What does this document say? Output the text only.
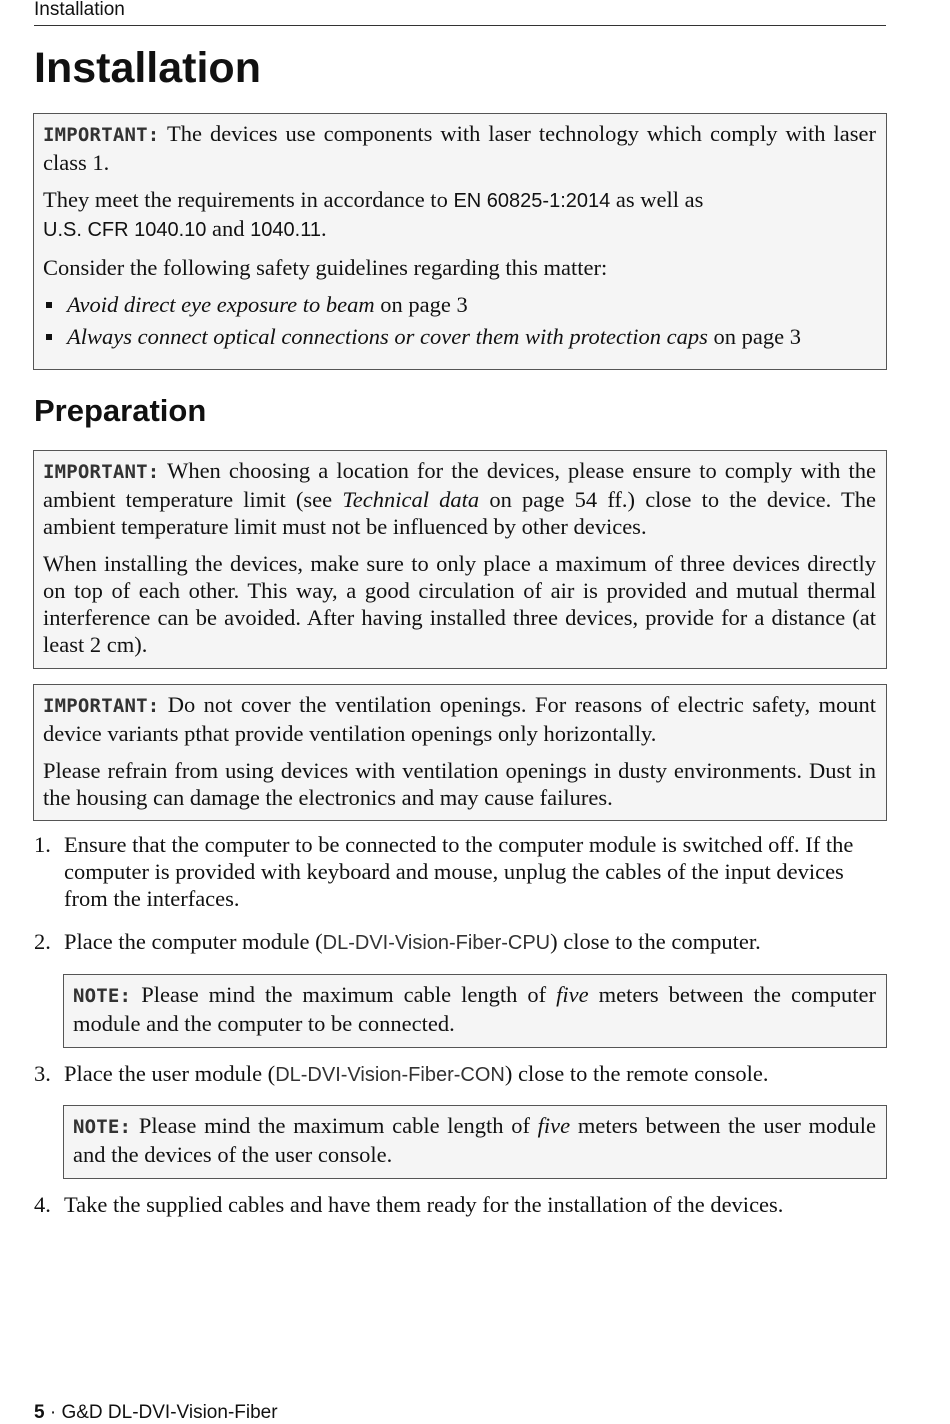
Installation
Installation

IMPORTANT: The devices use components with laser technology which comply with laser class 1.

They meet the requirements in accordance to EN 60825-1:2014 as well as
U.S. CFR 1040.10 and 1040.11.

Consider the following safety guidelines regarding this matter:

Avoid direct eye exposure to beam on page 3
Always connect optical connections or cover them with protection caps on page 3
Preparation

IMPORTANT: When choosing a location for the devices, please ensure to comply with the ambient temperature limit (see Technical data on page 54 ff.) close to the device. The ambient temperature limit must not be influenced by other devices.

When installing the devices, make sure to only place a maximum of three devices directly on top of each other. This way, a good circulation of air is provided and mutual thermal interference can be avoided. After having installed three devices, provide for a distance (at least 2 cm).

IMPORTANT: Do not cover the ventilation openings. For reasons of electric safety, mount device variants pthat provide ventilation openings only horizontally.

Please refrain from using devices with ventilation openings in dusty environments. Dust in the housing can damage the electronics and may cause failures.

1. Ensure that the computer to be connected to the computer module is switched off. If the computer is provided with keyboard and mouse, unplug the cables of the input devices from the interfaces.
2. Place the computer module (DL-DVI-Vision-Fiber-CPU) close to the computer.

NOTE: Please mind the maximum cable length of five meters between the computer module and the computer to be connected.

3. Place the user module (DL-DVI-Vision-Fiber-CON) close to the remote console.

NOTE: Please mind the maximum cable length of five meters between the user module and the devices of the user console.

4. Take the supplied cables and have them ready for the installation of the devices.
5 · G&D DL-DVI-Vision-Fiber
